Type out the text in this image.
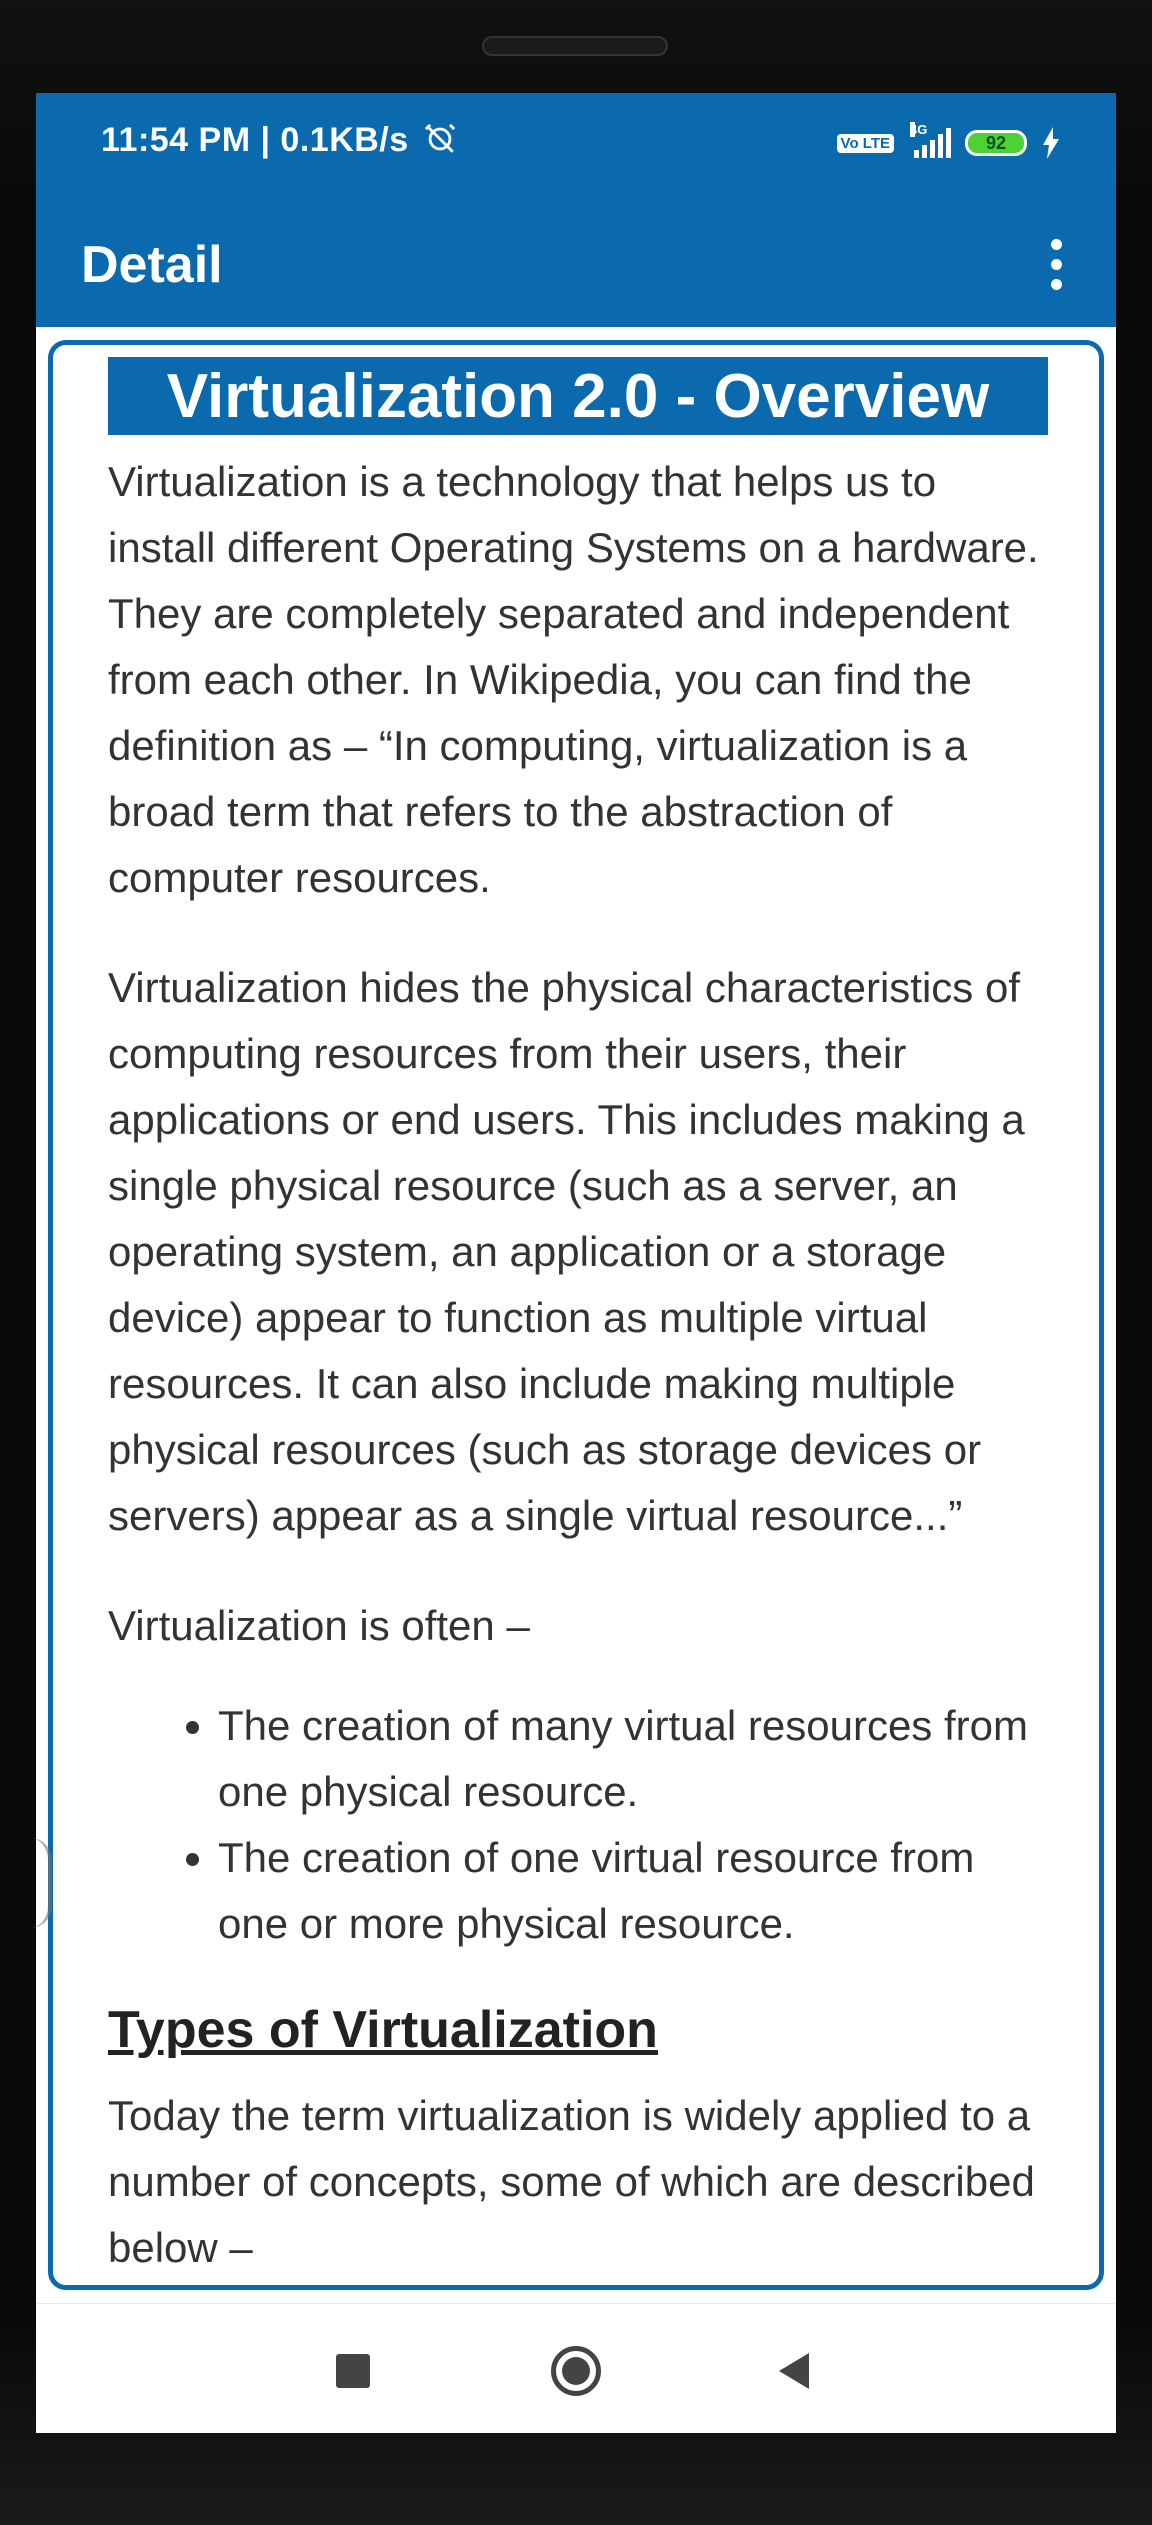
11:54 PM | 0.1KB/s	Vo LTE
4G
92
Detail
Virtualization 2.0 - Overview

Virtualization is a technology that helps us to install different Operating Systems on a hardware. They are completely separated and independent from each other. In Wikipedia, you can find the definition as – “In computing, virtualization is a broad term that refers to the abstraction of computer resources.

Virtualization hides the physical characteristics of computing resources from their users, their applications or end users. This includes making a single physical resource (such as a server, an operating system, an application or a storage device) appear to function as multiple virtual resources. It can also include making multiple physical resources (such as storage devices or servers) appear as a single virtual resource...”

Virtualization is often –

• The creation of many virtual resources from one physical resource.
• The creation of one virtual resource from one or more physical resource.
Types of Virtualization

Today the term virtualization is widely applied to a number of concepts, some of which are described below –
